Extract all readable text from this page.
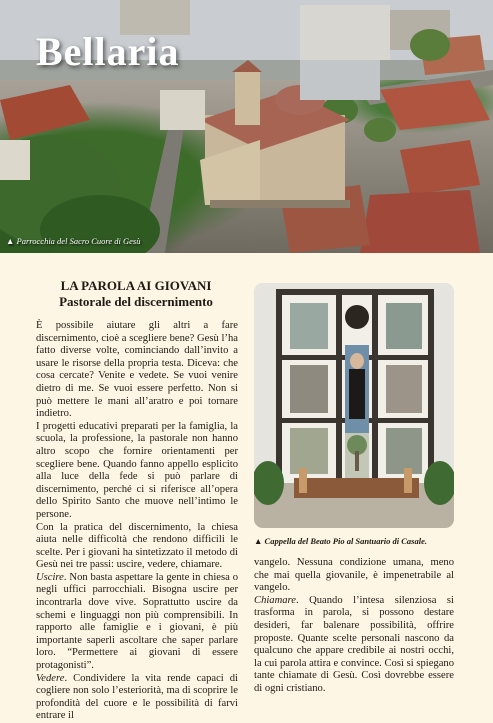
Bellaria
▲ Parrocchia del Sacro Cuore di Gesù
LA PAROLA AI GIOVANI
Pastorale del discernimento

È possibile aiutare gli altri a fare discernimento, cioè a scegliere bene? Gesù l’ha fatto diverse volte, cominciando dall’invito a usare le risorse della propria testa. Diceva: che cosa cercate? Venite e vedete. Se vuoi venire dietro di me. Se vuoi essere perfetto. Non si può mettere le mani all’aratro e poi tornare indietro.

I progetti educativi preparati per la famiglia, la scuola, la professione, la pastorale non hanno altro scopo che fornire orientamenti per scegliere bene. Quando fanno appello esplicito alla luce della fede si può parlare di discernimento, perché ci si riferisce all’opera dello Spirito Santo che muove nell’intimo le persone.

Con la pratica del discernimento, la chiesa aiuta nelle difficoltà che rendono difficili le scelte. Per i giovani ha sintetizzato il metodo di Gesù nei tre passi: uscire, vedere, chiamare.

Uscire. Non basta aspettare la gente in chiesa o negli uffici parrocchiali. Bisogna uscire per incontrarla dove vive. Soprattutto uscire da schemi e linguaggi non più comprensibili. In rapporto alle famiglie e i giovani, è più importante saperli ascoltare che saper parlare loro. “Permettere ai giovani di essere protagonisti”.

Vedere. Condividere la vita rende capaci di cogliere non solo l’esteriorità, ma di scoprire le profondità del cuore e le possibilità di farvi entrare il

▲ Cappella del Beato Pio al Santuario di Casale.

vangelo. Nessuna condizione umana, meno che mai quella giovanile, è impenetrabile al vangelo.

Chiamare. Quando l’intesa silenziosa si trasforma in parola, si possono destare desideri, far balenare possibilità, offrire proposte. Quante scelte personali nascono da qualcuno che appare credibile ai nostri occhi, la cui parola attira e convince. Così si spiegano tante chiamate di Gesù. Così dovrebbe essere di ogni cristiano.
